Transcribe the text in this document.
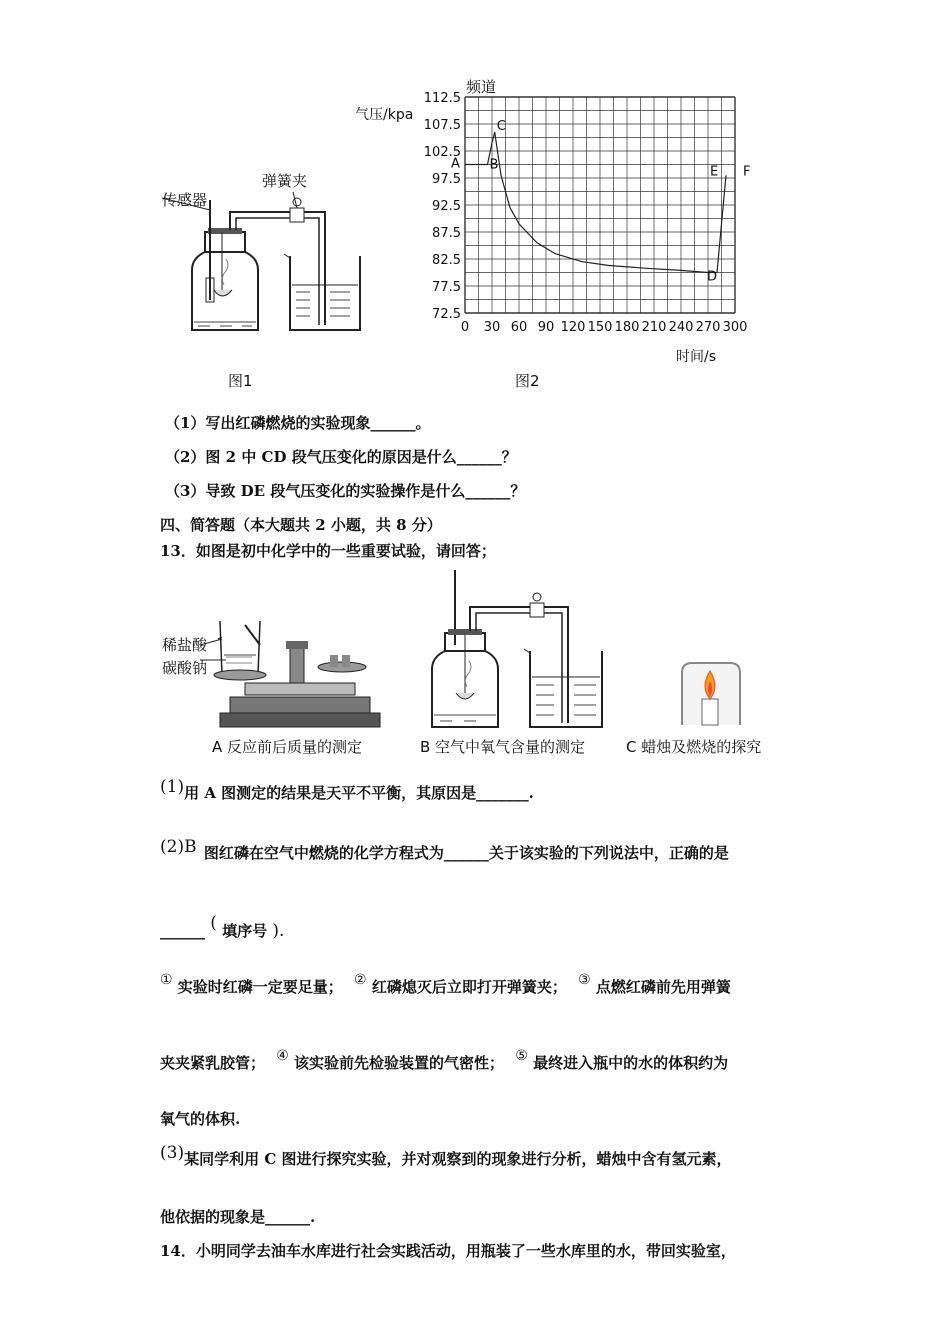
传感器
弹簧夹
图1
72.5
77.5
82.5
87.5
92.5
97.5
102.5
107.5
112.5
0 30 60 90 120 150 180 210 240 270 300
A B
C
D
E F
频道
气压/kpa
时间/s
图2
（1）写出红磷燃烧的实验现象______。
（2）图 2 中 CD 段气压变化的原因是什么______？
（3）导致 DE 段气压变化的实验操作是什么______？
四、简答题（本大题共 2 小题，共 8 分）
13．如图是初中化学中的一些重要试验，请回答；
稀盐酸
碳酸钠
A 反应前后质量的测定	B 空气中氧气含量的测定	C 蜡烛及燃烧的探究
(1)用 A 图测定的结果是天平不平衡，其原因是_______.
(2)B 图红磷在空气中燃烧的化学方程式为______关于该实验的下列说法中，正确的是
______ ( 填序号 ).
① 实验时红磷一定要足量； ② 红磷熄灭后立即打开弹簧夹； ③ 点燃红磷前先用弹簧
夹夹紧乳胶管； ④ 该实验前先检验装置的气密性； ⑤ 最终进入瓶中的水的体积约为
氧气的体积.
(3)某同学利用 C 图进行探究实验，并对观察到的现象进行分析，蜡烛中含有氢元素，
他依据的现象是______.
14．小明同学去油车水库进行社会实践活动，用瓶装了一些水库里的水，带回实验室，
